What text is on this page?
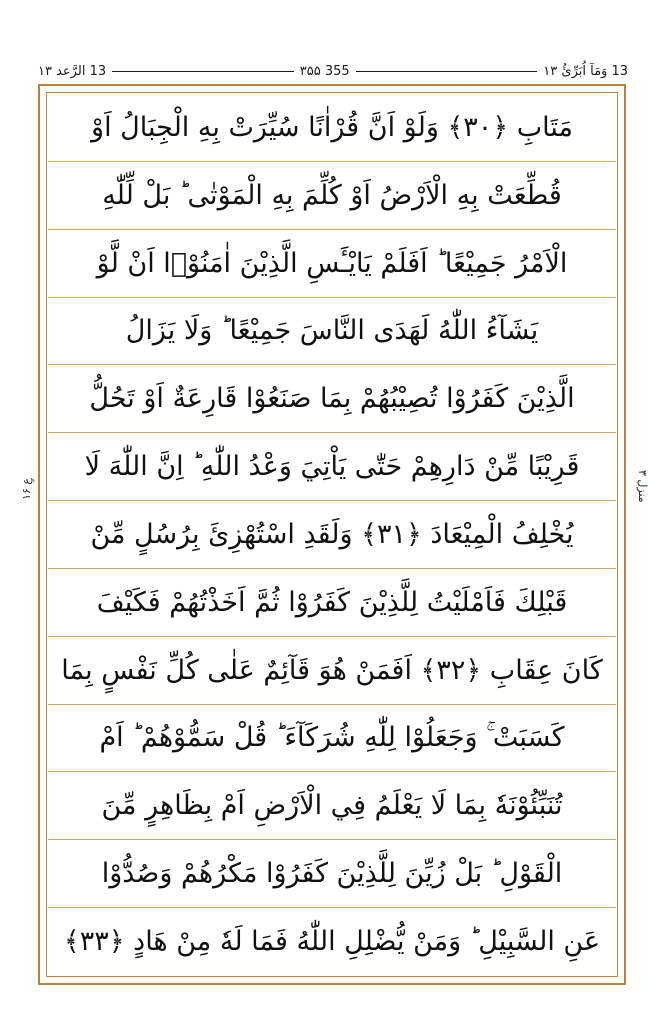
13 الرَّعد ۱۳	۳۵۵ 355	13 وَمَآ اُبَرِّئُ ۱۳
عِ ۱۶
منزل ۳
مَتَابِ ﴿۳۰﴾ وَلَوْ اَنَّ قُرْاٰنًا سُيِّرَتْ بِهِ الْجِبَالُ اَوْ
قُطِّعَتْ بِهِ الْاَرْضُ اَوْ كُلِّمَ بِهِ الْمَوْتٰى ؕ بَلْ لِّلّٰهِ
الْاَمْرُ جَمِيْعًا ؕ اَفَلَمْ يَايْـَٔسِ الَّذِيْنَ اٰمَنُوْۤا اَنْ لَّوْ
يَشَآءُ اللّٰهُ لَهَدَى النَّاسَ جَمِيْعًا ؕ وَلَا يَزَالُ
الَّذِيْنَ كَفَرُوْا تُصِيْبُهُمْ بِمَا صَنَعُوْا قَارِعَةٌ اَوْ تَحُلُّ
قَرِيْبًا مِّنْ دَارِهِمْ حَتّٰى يَاْتِيَ وَعْدُ اللّٰهِ ؕ اِنَّ اللّٰهَ لَا
يُخْلِفُ الْمِيْعَادَ ﴿۳۱﴾ وَلَقَدِ اسْتُهْزِئَ بِرُسُلٍ مِّنْ
قَبْلِكَ فَاَمْلَيْتُ لِلَّذِيْنَ كَفَرُوْا ثُمَّ اَخَذْتُهُمْ فَكَيْفَ
كَانَ عِقَابِ ﴿۳۲﴾ اَفَمَنْ هُوَ قَآئِمٌ عَلٰى كُلِّ نَفْسٍ بِمَا
كَسَبَتْ ۚ وَجَعَلُوْا لِلّٰهِ شُرَكَآءَ ؕ قُلْ سَمُّوْهُمْ ؕ اَمْ
تُنَبِّئُوْنَهٗ بِمَا لَا يَعْلَمُ فِي الْاَرْضِ اَمْ بِظَاهِرٍ مِّنَ
الْقَوْلِ ؕ بَلْ زُيِّنَ لِلَّذِيْنَ كَفَرُوْا مَكْرُهُمْ وَصُدُّوْا
عَنِ السَّبِيْلِ ؕ وَمَنْ يُّضْلِلِ اللّٰهُ فَمَا لَهٗ مِنْ هَادٍ ﴿۳۳﴾
